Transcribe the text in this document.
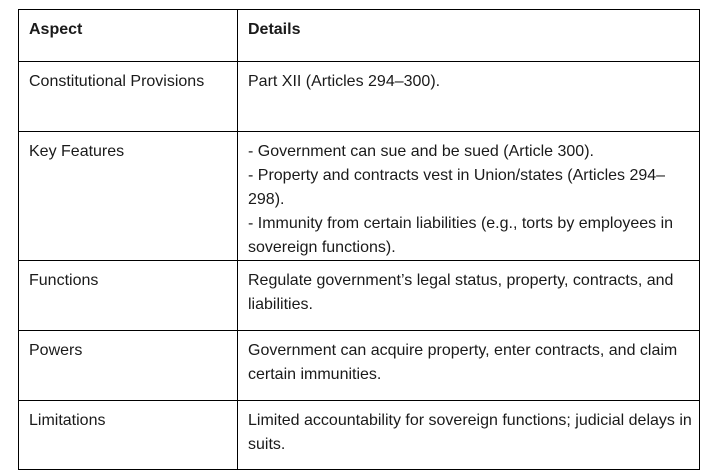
Aspect	Details
Constitutional Provisions	Part XII (Articles 294–300).

Key Features	- Government can sue and be sued (Article 300).
- Property and contracts vest in Union/states (Articles 294–298).
- Immunity from certain liabilities (e.g., torts by employees in sovereign functions).

Functions	Regulate government’s legal status, property, contracts, and liabilities.

Powers	Government can acquire property, enter contracts, and claim certain immunities.

Limitations	Limited accountability for sovereign functions; judicial delays in suits.
